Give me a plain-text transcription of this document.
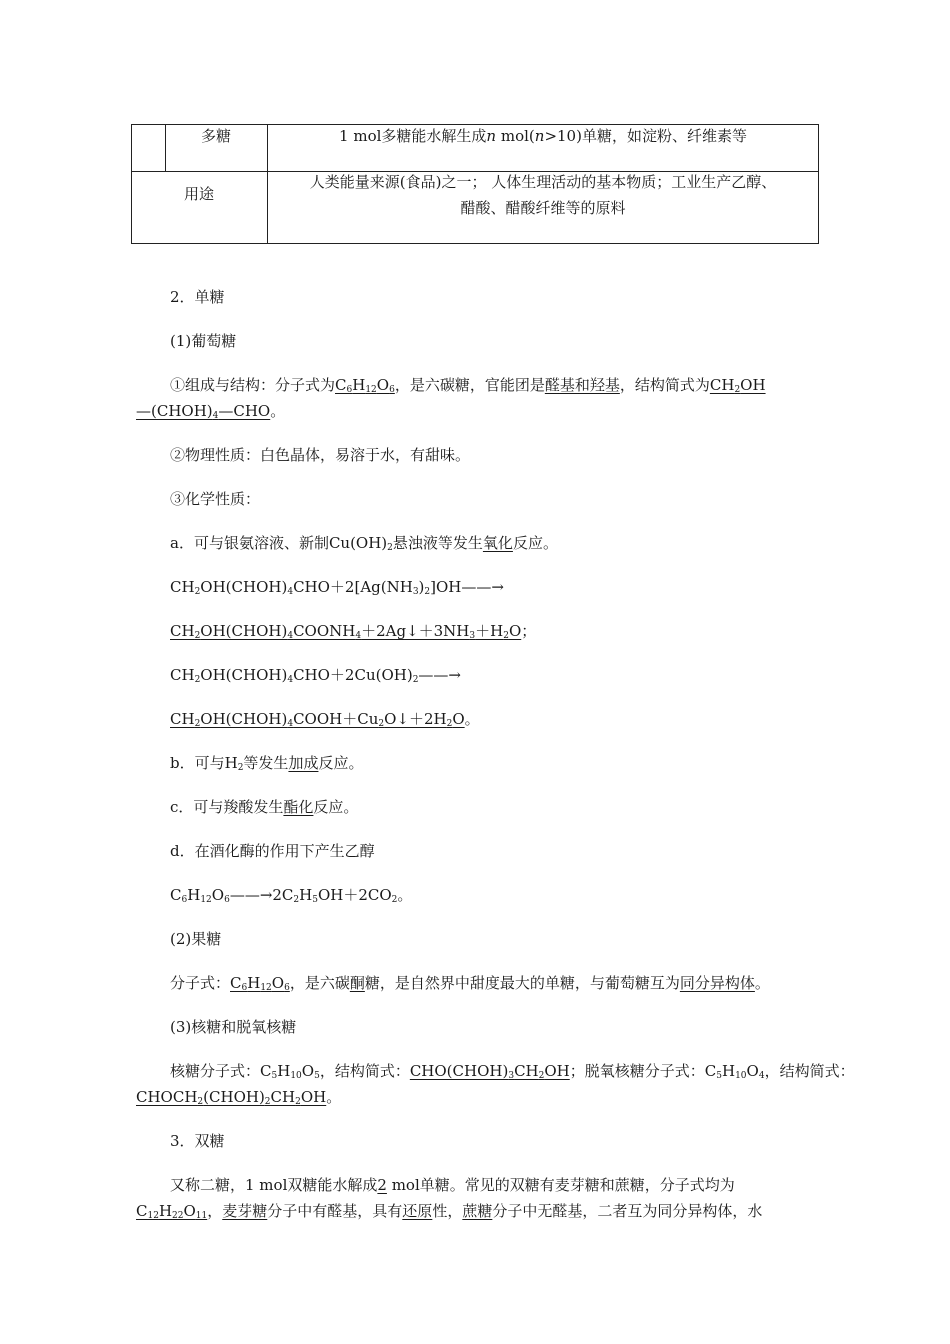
多糖	1 mol多糖能水解生成n mol(n>10)单糖，如淀粉、纤维素等
用途
人类能量来源(食品)之一； 人体生理活动的基本物质；工业生产乙醇、
醋酸、醋酸纤维等的原料
2．单糖
(1)葡萄糖
①组成与结构：分子式为$C_6H_{12}O_6$，是六碳糖，官能团是醛基和羟基，结构简式为$CH_2OH$
$—(CHOH)_4—CHO$。
②物理性质：白色晶体，易溶于水，有甜味。
③化学性质：
a．可与银氨溶液、新制$Cu(OH)_2$悬浊液等发生氧化反应。
$CH_2OH(CHOH)_4CHO+2[Ag(NH_3)_2]OH——\to$
$CH_2OH(CHOH)_4COONH_4+2Ag↓+3NH_3+H_2O$；
$CH_2OH(CHOH)_4CHO+2Cu(OH)_2——\to$
$CH_2OH(CHOH)_4COOH+Cu_2O↓+2H_2O$。
b．可与$H_2$等发生加成反应。
c．可与羧酸发生酯化反应。
d．在酒化酶的作用下产生乙醇
$C_6H_{12}O_6——\to 2C_2H_5OH+2CO_2$。
(2)果糖
分子式：$C_6H_{12}O_6$，是六碳酮糖，是自然界中甜度最大的单糖，与葡萄糖互为同分异构体。
(3)核糖和脱氧核糖
核糖分子式：$C_5H_{10}O_5$，结构简式：$CHO(CHOH)_3CH_2OH$；脱氧核糖分子式：$C_5H_{10}O_4$，结构简式：
$CHOCH_2(CHOH)_2CH_2OH$。
3．双糖
又称二糖，1 mol双糖能水解成2 mol单糖。常见的双糖有麦芽糖和蔗糖，分子式均为
$C_{12}H_{22}O_{11}$，麦芽糖分子中有醛基，具有还原性，蔗糖分子中无醛基，二者互为同分异构体，水
